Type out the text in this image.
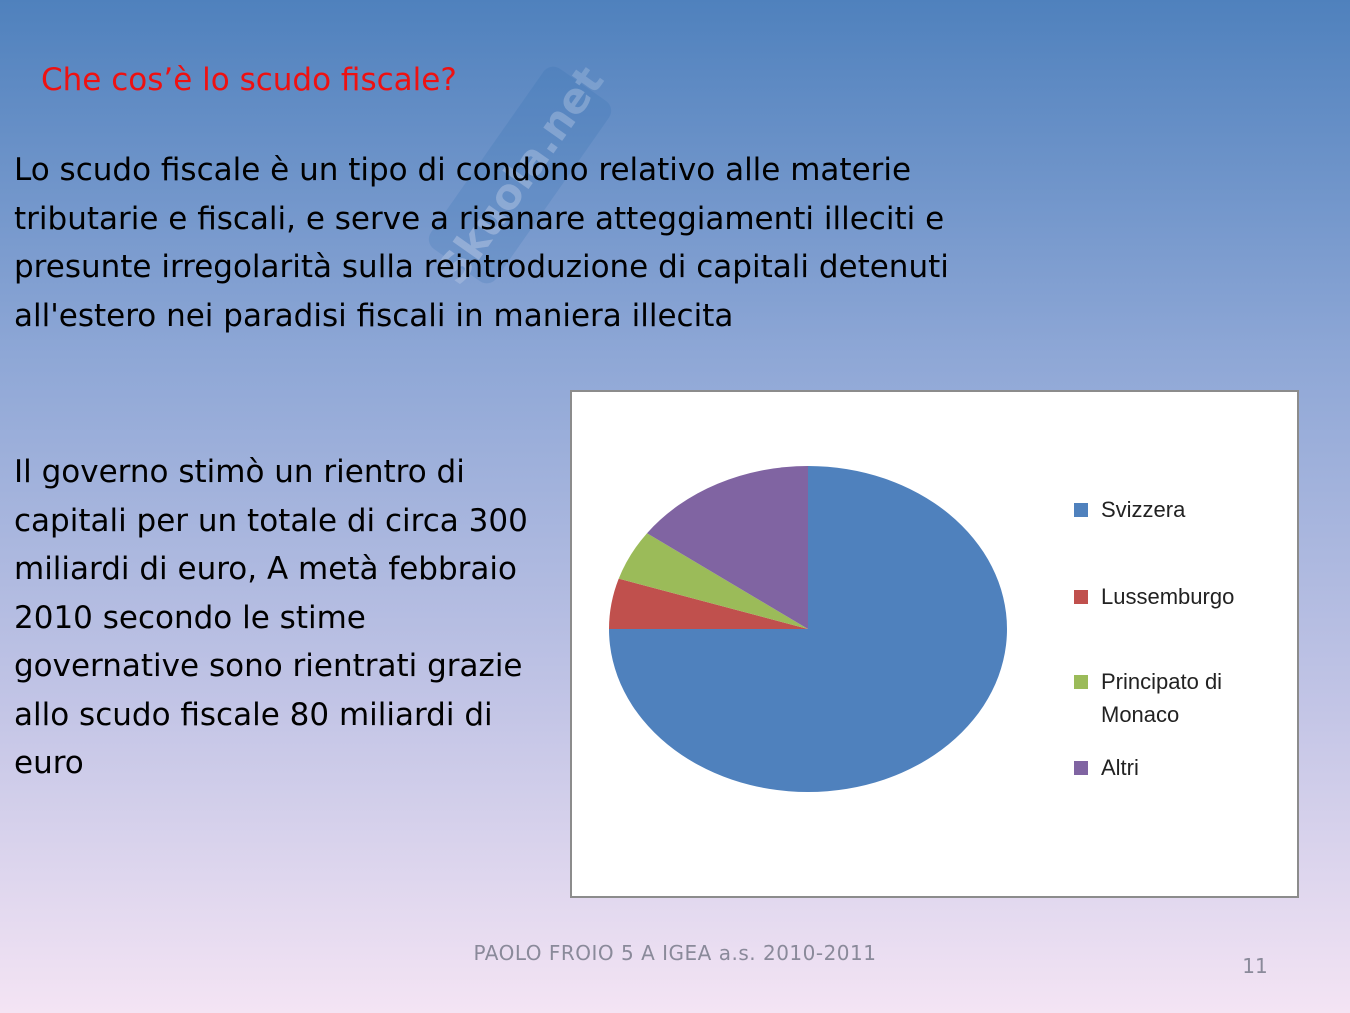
Skuola.net
Che cos’è lo scudo fiscale?

Lo scudo fiscale è un tipo di condono relativo alle materie tributarie e fiscali, e serve a risanare atteggiamenti illeciti e presunte irregolarità sulla reintroduzione di capitali detenuti all'estero nei paradisi fiscali in maniera illecita

Il governo stimò un rientro di capitali per un totale di circa 300 miliardi di euro, A metà febbraio 2010 secondo le stime governative sono rientrati grazie allo scudo fiscale 80 miliardi di euro

Svizzera
Lussemburgo
Principato di Monaco
Altri
PAOLO FROIO 5 A IGEA a.s. 2010-2011
11
